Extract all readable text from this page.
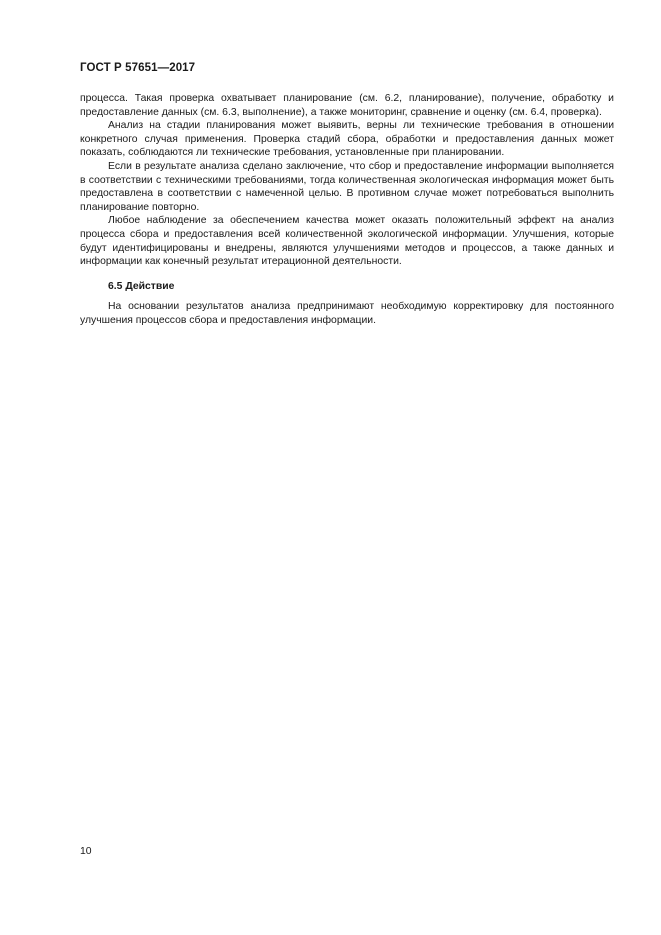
ГОСТ Р 57651—2017

процесса. Такая проверка охватывает планирование (см. 6.2, планирование), получение, обработку и предоставление данных (см. 6.3, выполнение), а также мониторинг, сравнение и оценку (см. 6.4, проверка).

Анализ на стадии планирования может выявить, верны ли технические требования в отношении конкретного случая применения. Проверка стадий сбора, обработки и предоставления данных может показать, соблюдаются ли технические требования, установленные при планировании.

Если в результате анализа сделано заключение, что сбор и предоставление информации выполняется в соответствии с техническими требованиями, тогда количественная экологическая информация может быть предоставлена в соответствии с намеченной целью. В противном случае может потребоваться выполнить планирование повторно.

Любое наблюдение за обеспечением качества может оказать положительный эффект на анализ процесса сбора и предоставления всей количественной экологической информации. Улучшения, которые будут идентифицированы и внедрены, являются улучшениями методов и процессов, а также данных и информации как конечный результат итерационной деятельности.

6.5 Действие

На основании результатов анализа предпринимают необходимую корректировку для постоянного улучшения процессов сбора и предоставления информации.

10
